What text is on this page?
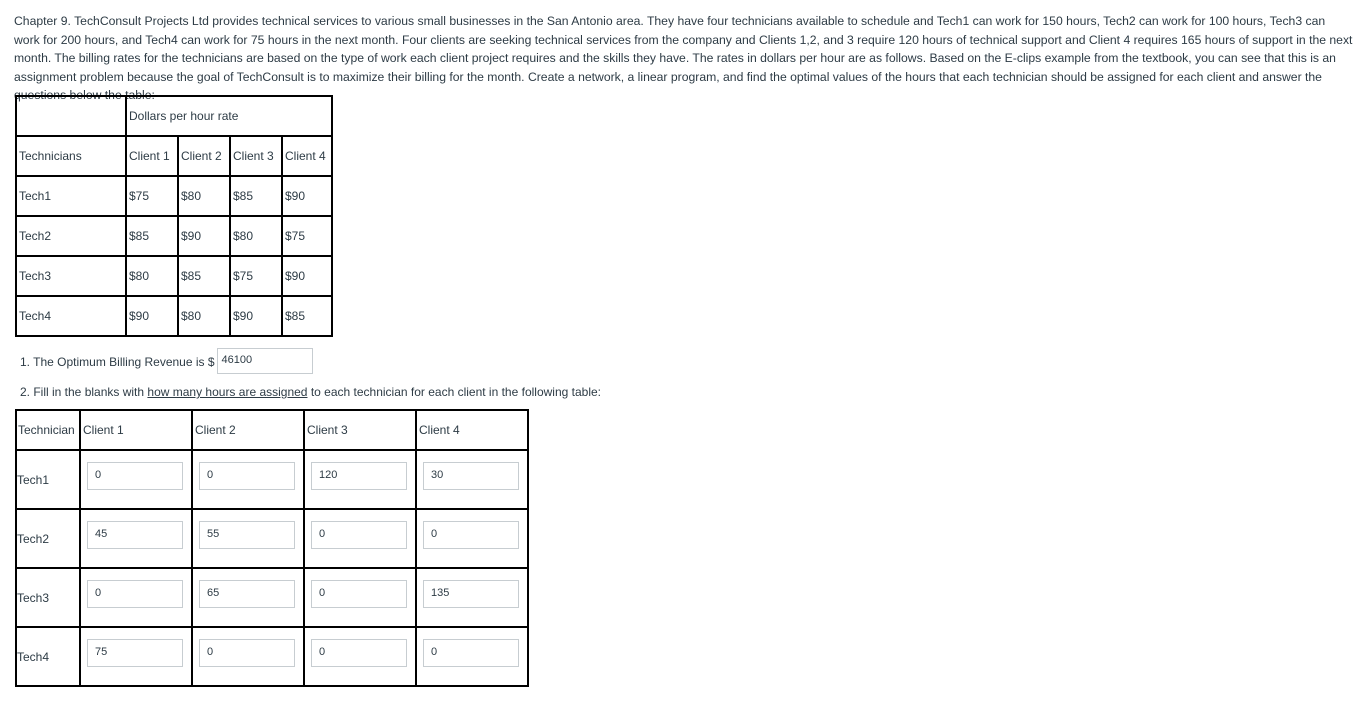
Chapter 9. TechConsult Projects Ltd provides technical services to various small businesses in the San Antonio area. They have four technicians available to schedule and Tech1 can work for 150 hours, Tech2 can work for 100 hours, Tech3 can work for 200 hours, and Tech4 can work for 75 hours in the next month. Four clients are seeking technical services from the company and Clients 1,2, and 3 require 120 hours of technical support and Client 4 requires 165 hours of support in the next month. The billing rates for the technicians are based on the type of work each client project requires and the skills they have. The rates in dollars per hour are as follows. Based on the E-clips example from the textbook, you can see that this is an assignment problem because the goal of TechConsult is to maximize their billing for the month. Create a network, a linear program, and find the optimal values of the hours that each technician should be assigned for each client and answer the questions below the table:

	Dollars per hour rate			
Technicians	Client 1	Client 2	Client 3	Client 4
Tech1	$75	$80	$85	$90
Tech2	$85	$90	$80	$75
Tech3	$80	$85	$75	$90
Tech4	$90	$80	$90	$85
1. The Optimum Billing Revenue is $ 46100
2. Fill in the blanks with how many hours are assigned to each technician for each client in the following table:
Technician	Client 1	Client 2	Client 3	Client 4
Tech1	0	0	120	30

Tech2	45	55	0	0

Tech3	0	65	0	135

Tech4	75	0	0	0
